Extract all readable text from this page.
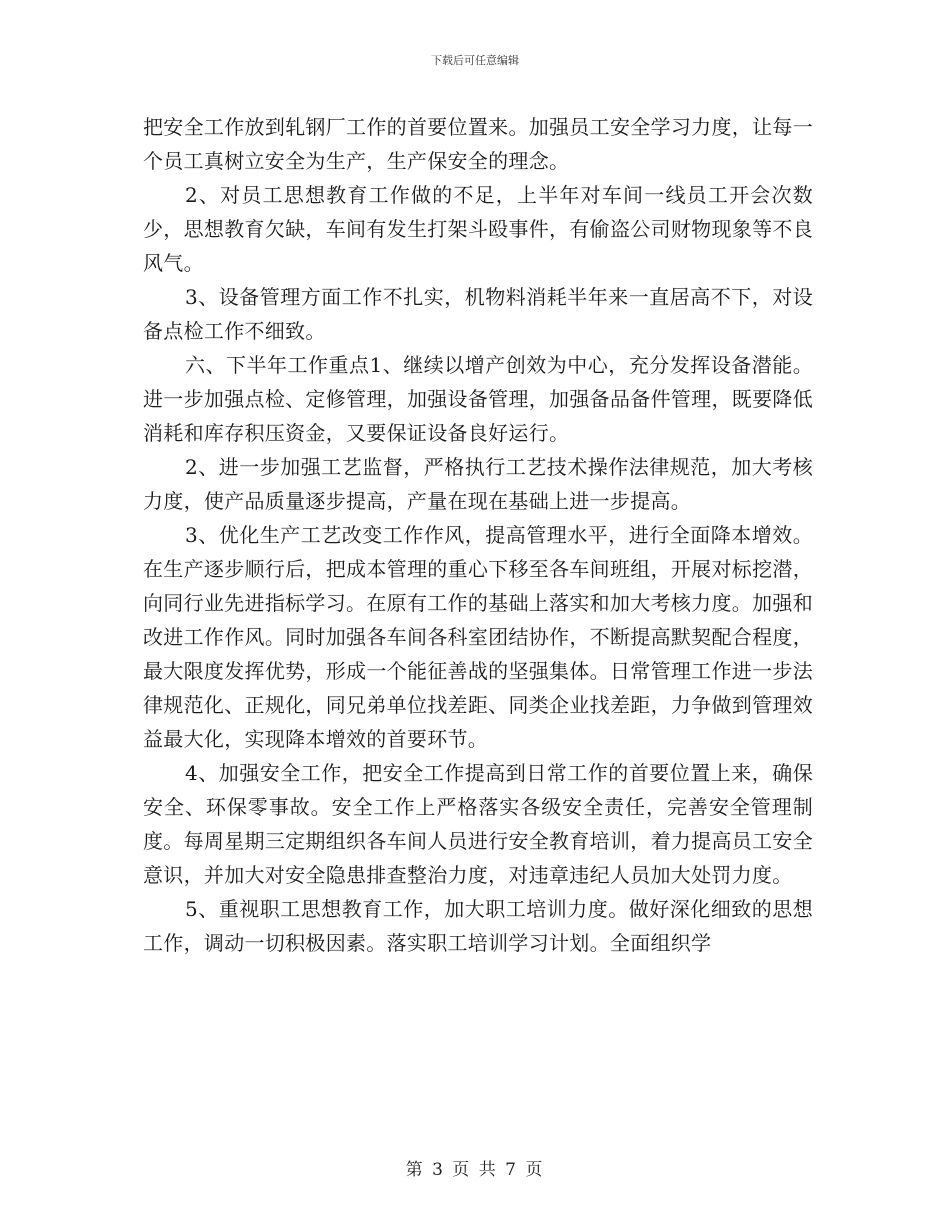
下载后可任意编辑

把安全工作放到轧钢厂工作的首要位置来。加强员工安全学习力度，让每一个员工真树立安全为生产，生产保安全的理念。

2、对员工思想教育工作做的不足，上半年对车间一线员工开会次数少，思想教育欠缺，车间有发生打架斗殴事件，有偷盗公司财物现象等不良风气。

3、设备管理方面工作不扎实，机物料消耗半年来一直居高不下，对设备点检工作不细致。

六、下半年工作重点1、继续以增产创效为中心，充分发挥设备潜能。进一步加强点检、定修管理，加强设备管理，加强备品备件管理，既要降低消耗和库存积压资金，又要保证设备良好运行。

2、进一步加强工艺监督，严格执行工艺技术操作法律规范，加大考核力度，使产品质量逐步提高，产量在现在基础上进一步提高。

3、优化生产工艺改变工作作风，提高管理水平，进行全面降本增效。在生产逐步顺行后，把成本管理的重心下移至各车间班组，开展对标挖潜，向同行业先进指标学习。在原有工作的基础上落实和加大考核力度。加强和改进工作作风。同时加强各车间各科室团结协作，不断提高默契配合程度，最大限度发挥优势，形成一个能征善战的坚强集体。日常管理工作进一步法律规范化、正规化，同兄弟单位找差距、同类企业找差距，力争做到管理效益最大化，实现降本增效的首要环节。

4、加强安全工作，把安全工作提高到日常工作的首要位置上来，确保安全、环保零事故。安全工作上严格落实各级安全责任，完善安全管理制度。每周星期三定期组织各车间人员进行安全教育培训，着力提高员工安全意识，并加大对安全隐患排查整治力度，对违章违纪人员加大处罚力度。

5、重视职工思想教育工作，加大职工培训力度。做好深化细致的思想工作，调动一切积极因素。落实职工培训学习计划。全面组织学

第 3 页 共 7 页
